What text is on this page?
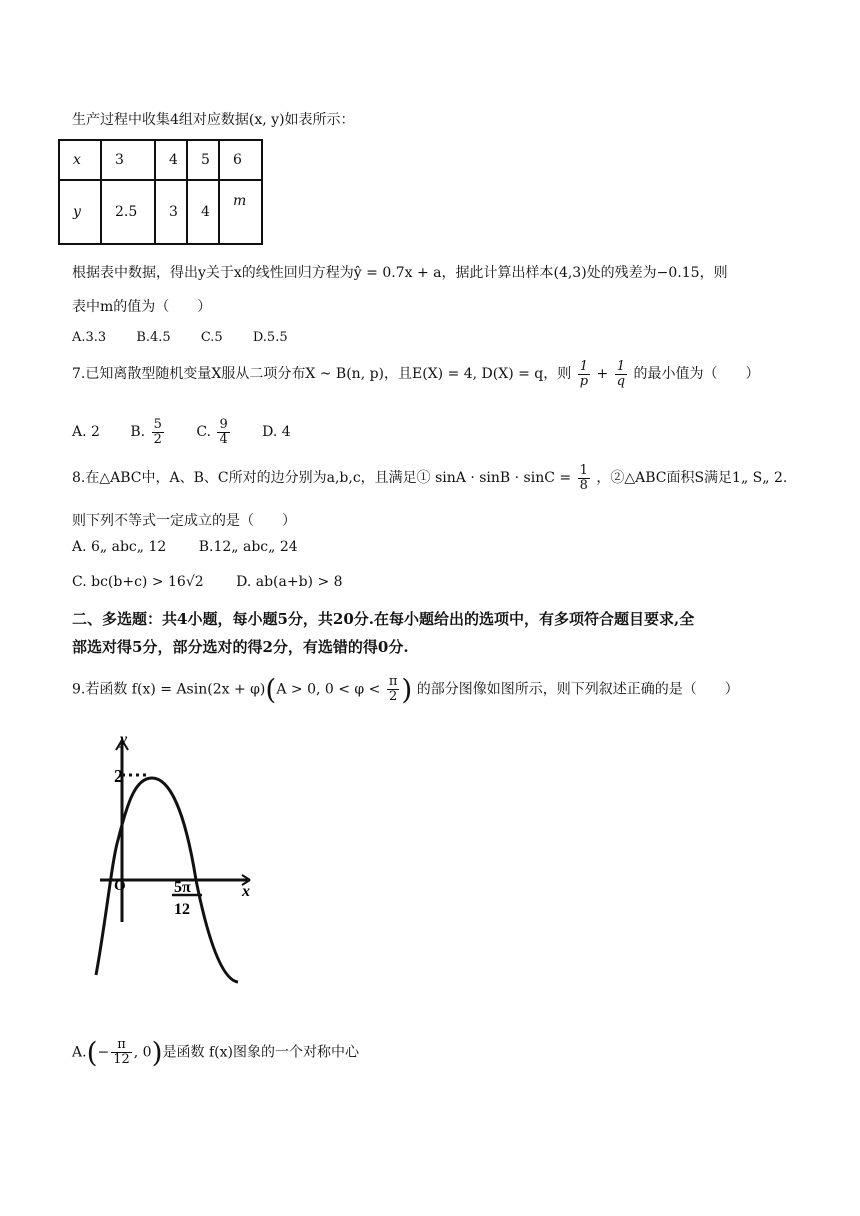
生产过程中收集4组对应数据(x, y)如表所示：
x	3	4	5	6
y	2.5	3	4	m
根据表中数据，得出y关于x的线性回归方程为ŷ = 0.7x + a，据此计算出样本(4,3)处的残差为−0.15，则
表中m的值为（　　）
A.3.3　　 B.4.5　　 C.5　　 D.5.5
7.已知离散型随机变量X服从二项分布X ~ B(n, p)，且E(X) = 4, D(X) = q，则 $\frac{1}{p} + \frac{1}{q}$ 的最小值为（　　）
A. 2 B. $\frac{5}{2} C$. $\frac{9}{4} D$. 4
8.在△ABC中，A、B、C所对的边分别为a,b,c，且满足① $\sin A \cdot \sin B \cdot \sin C = \frac{1}{8}$ ，②△ABC面积S满足1„ S„ 2.
则下列不等式一定成立的是（　　）
A. 6„ abc„ 12　　 B.12„ abc„ 24
C. bc(b+c) > 16√2　　 D. ab(a+b) > 8
二、多选题：共4小题，每小题5分，共20分.在每小题给出的选项中，有多项符合题目要求,全
部选对得5分，部分选对的得2分，有选错的得0分.
9.若函数 f(x) = Asin(2x + φ)(A > 0, $0 < \varphi < \frac{\pi}{2}$ ) 的部分图像如图所示，则下列叙述正确的是（　　）
y
x
2
O	5π
12
$A.(- \frac{\pi}{12}$ , 0)是函数 f(x)图象的一个对称中心
